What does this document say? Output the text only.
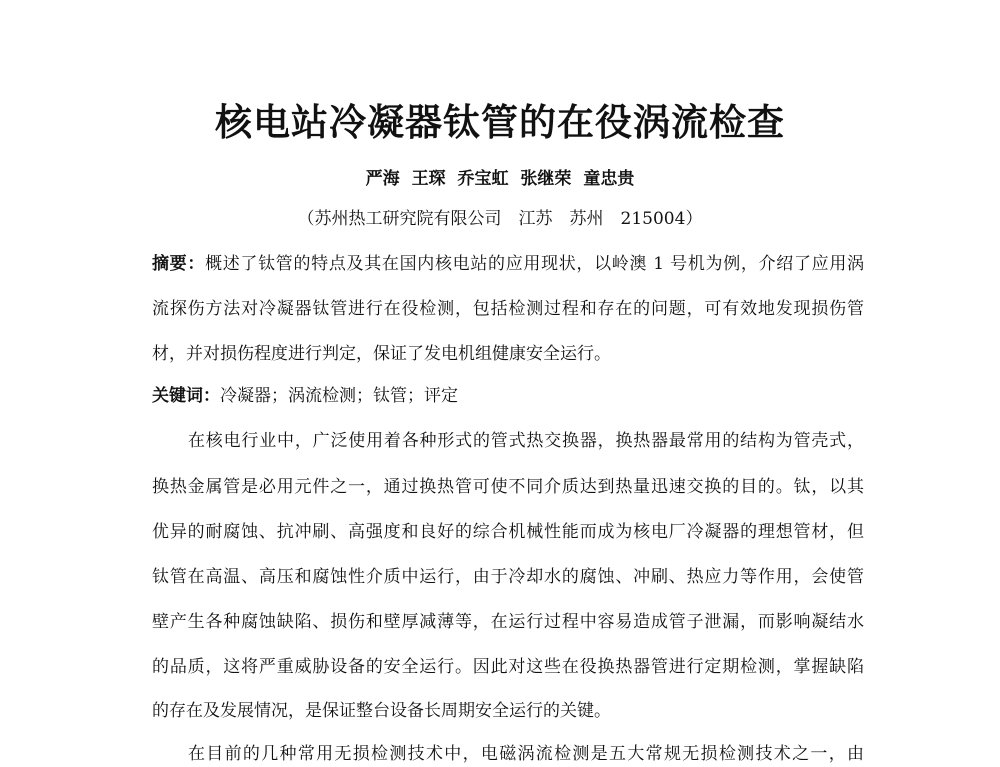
核电站冷凝器钛管的在役涡流检查
严海 王琛 乔宝虹 张继荣 童忠贵
（苏州热工研究院有限公司　江苏　苏州　215004）
摘要：概述了钛管的特点及其在国内核电站的应用现状，以岭澳 1 号机为例，介绍了应用涡
流探伤方法对冷凝器钛管进行在役检测，包括检测过程和存在的问题，可有效地发现损伤管
材，并对损伤程度进行判定，保证了发电机组健康安全运行。
关键词：冷凝器；涡流检测；钛管；评定
在核电行业中，广泛使用着各种形式的管式热交换器，换热器最常用的结构为管壳式，
换热金属管是必用元件之一，通过换热管可使不同介质达到热量迅速交换的目的。钛，以其
优异的耐腐蚀、抗冲刷、高强度和良好的综合机械性能而成为核电厂冷凝器的理想管材，但
钛管在高温、高压和腐蚀性介质中运行，由于冷却水的腐蚀、冲刷、热应力等作用，会使管
壁产生各种腐蚀缺陷、损伤和壁厚减薄等，在运行过程中容易造成管子泄漏，而影响凝结水
的品质，这将严重威胁设备的安全运行。因此对这些在役换热器管进行定期检测，掌握缺陷
的存在及发展情况，是保证整台设备长周期安全运行的关键。
在目前的几种常用无损检测技术中，电磁涡流检测是五大常规无损检测技术之一，由
